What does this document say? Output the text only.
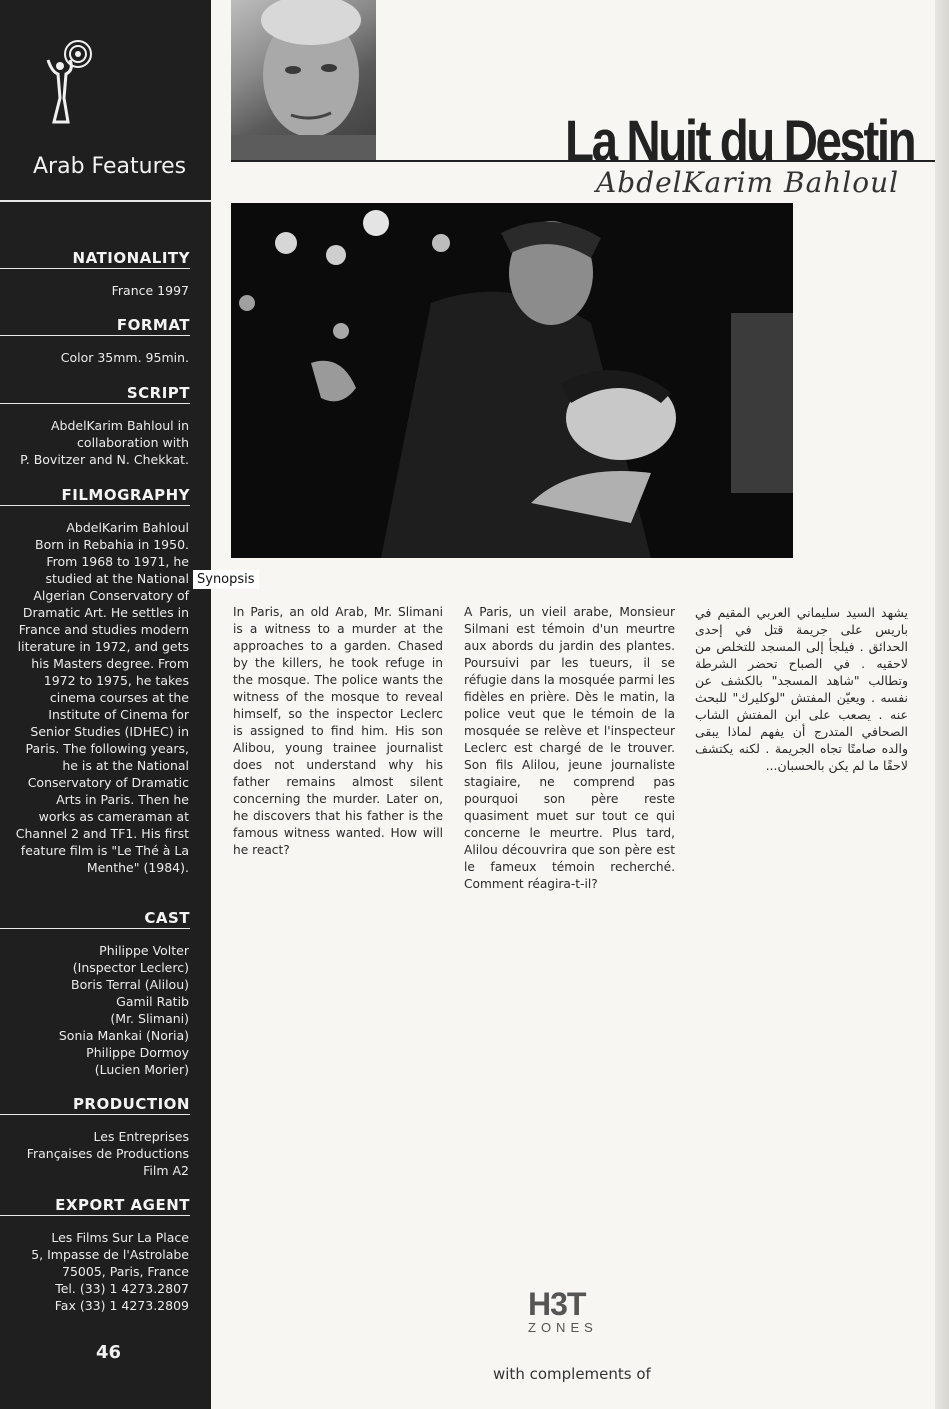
Arab Features
NATIONALITY
France 1997
FORMAT
Color 35mm. 95min.
SCRIPT
AbdelKarim Bahloul in
collaboration with
P. Bovitzer and N. Chekkat.
FILMOGRAPHY
AbdelKarim Bahloul
Born in Rebahia in 1950.
From 1968 to 1971, he
studied at the National
Algerian Conservatory of
Dramatic Art. He settles in
France and studies modern
literature in 1972, and gets
his Masters degree. From
1972 to 1975, he takes
cinema courses at the
Institute of Cinema for
Senior Studies (IDHEC) in
Paris. The following years,
he is at the National
Conservatory of Dramatic
Arts in Paris. Then he
works as cameraman at
Channel 2 and TF1. His first
feature film is "Le Thé à La
Menthe" (1984).
CAST
Philippe Volter
(Inspector Leclerc)
Boris Terral (Alilou)
Gamil Ratib
(Mr. Slimani)
Sonia Mankai (Noria)
Philippe Dormoy
(Lucien Morier)
PRODUCTION
Les Entreprises
Françaises de Productions
Film A2
EXPORT AGENT
Les Films Sur La Place
5, Impasse de l'Astrolabe
75005, Paris, France
Tel. (33) 1 4273.2807
Fax (33) 1 4273.2809
46
La Nuit du Destin
AbdelKarim Bahloul
Synopsis
In Paris, an old Arab, Mr. Slimani is a witness to a murder at the approaches to a garden. Chased by the killers, he took refuge in the mosque. The police wants the witness of the mosque to reveal himself, so the inspector Leclerc is assigned to find him. His son Alibou, young trainee journalist does not understand why his father remains almost silent concerning the murder. Later on, he discovers that his father is the famous witness wanted. How will he react?
A Paris, un vieil arabe, Monsieur Silmani est témoin d'un meurtre aux abords du jardin des plantes. Poursuivi par les tueurs, il se réfugie dans la mosquée parmi les fidèles en prière. Dès le matin, la police veut que le témoin de la mosquée se relève et l'inspecteur Leclerc est chargé de le trouver. Son fils Alilou, jeune journaliste stagiaire, ne comprend pas pourquoi son père reste quasiment muet sur tout ce qui concerne le meurtre. Plus tard, Alilou découvrira que son père est le fameux témoin recherché. Comment réagira-t-il?
يشهد السيد سليماني العربي المقيم في باريس على جريمة قتل في إحدى الحدائق . فيلجأ إلى المسجد للتخلص من لاحقيه . في الصباح تحضر الشرطة وتطالب "شاهد المسجد" بالكشف عن نفسه . ويعيّن المفتش "لوكليرك" للبحث عنه . يصعب على ابن المفتش الشاب الصحافي المتدرج أن يفهم لماذا يبقى والده صامتًا تجاه الجريمة . لكنه يكتشف لاحقًا ما لم يكن بالحسبان...
H3T
ZONES
with complements of
